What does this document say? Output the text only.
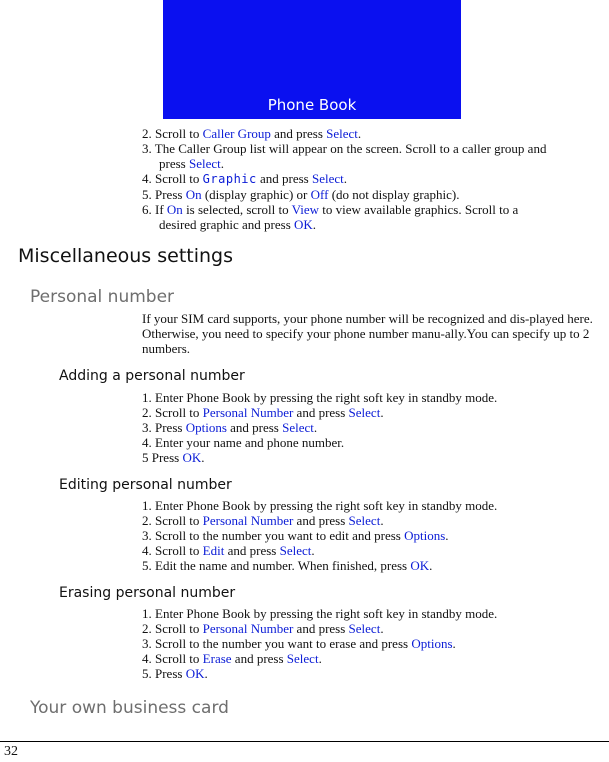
Phone Book
2. Scroll to Caller Group and press Select.
3. The Caller Group list will appear on the screen. Scroll to a caller group and
press Select.
4. Scroll to Graphic and press Select.
5. Press On (display graphic) or Off (do not display graphic).
6. If On is selected, scroll to View to view available graphics. Scroll to a
desired graphic and press OK.
Miscellaneous settings
Personal number

If your SIM card supports, your phone number will be recognized and dis-played here. Otherwise, you need to specify your phone number manu-ally.You can specify up to 2 numbers.

Adding a personal number
1. Enter Phone Book by pressing the right soft key in standby mode.
2. Scroll to Personal Number and press Select.
3. Press Options and press Select.
4. Enter your name and phone number.
5 Press OK.
Editing personal number
1. Enter Phone Book by pressing the right soft key in standby mode.
2. Scroll to Personal Number and press Select.
3. Scroll to the number you want to edit and press Options.
4. Scroll to Edit and press Select.
5. Edit the name and number. When finished, press OK.
Erasing personal number
1. Enter Phone Book by pressing the right soft key in standby mode.
2. Scroll to Personal Number and press Select.
3. Scroll to the number you want to erase and press Options.
4. Scroll to Erase and press Select.
5. Press OK.
Your own business card
32
